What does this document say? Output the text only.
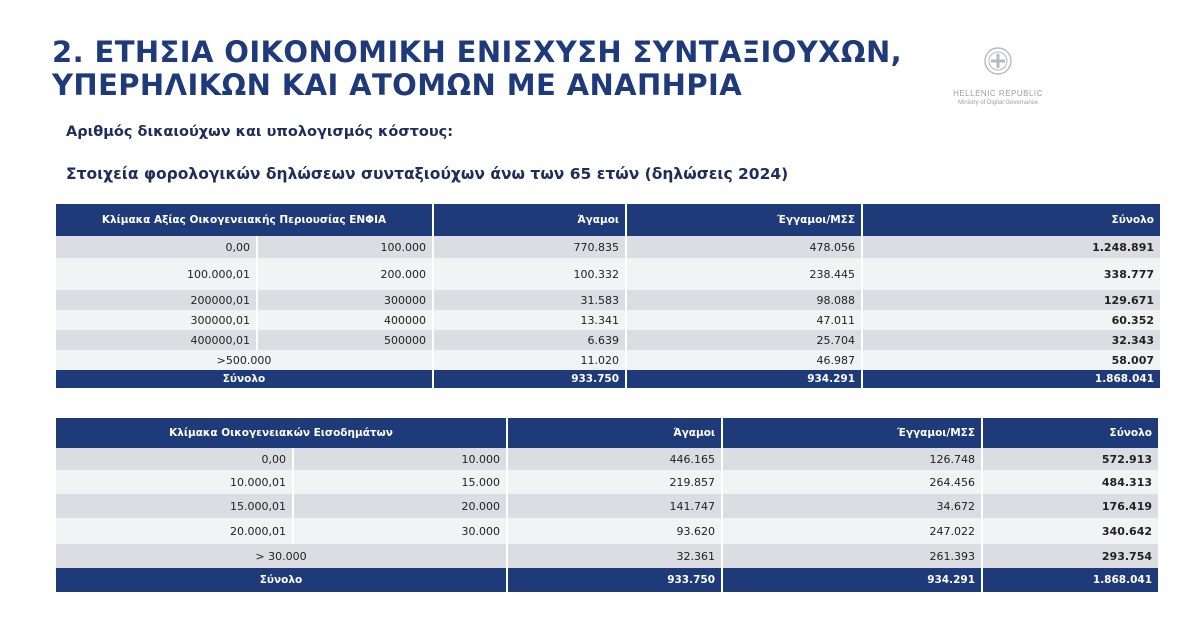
2. ΕΤΗΣΙΑ ΟΙΚΟΝΟΜΙΚΗ ΕΝΙΣΧΥΣΗ ΣΥΝΤΑΞΙΟΥΧΩΝ,
ΥΠΕΡΗΛΙΚΩΝ ΚΑΙ ΑΤΟΜΩΝ ΜΕ ΑΝΑΠΗΡΙΑ	HELLENIC REPUBLIC
Ministry of Digital Governance
Αριθμός δικαιούχων και υπολογισμός κόστους:
Στοιχεία φορολογικών δηλώσεων συνταξιούχων άνω των 65 ετών (δηλώσεις 2024)
Κλίμακα Αξίας Οικογενειακής Περιουσίας ΕΝΦΙΑ		Άγαμοι	Έγγαμοι/ΜΣΣ	Σύνολο
0,00	100.000	770.835	478.056	1.248.891
100.000,01	200.000	100.332	238.445	338.777
200000,01	300000	31.583	98.088	129.671
300000,01	400000	13.341	47.011	60.352
400000,01	500000	6.639	25.704	32.343
>500.000		11.020	46.987	58.007
Σύνολο		933.750	934.291	1.868.041
Κλίμακα Οικογενειακών Εισοδημάτων		Άγαμοι	Έγγαμοι/ΜΣΣ	Σύνολο
0,00	10.000	446.165	126.748	572.913
10.000,01	15.000	219.857	264.456	484.313
15.000,01	20.000	141.747	34.672	176.419
20.000,01	30.000	93.620	247.022	340.642
> 30.000		32.361	261.393	293.754
Σύνολο		933.750	934.291	1.868.041
